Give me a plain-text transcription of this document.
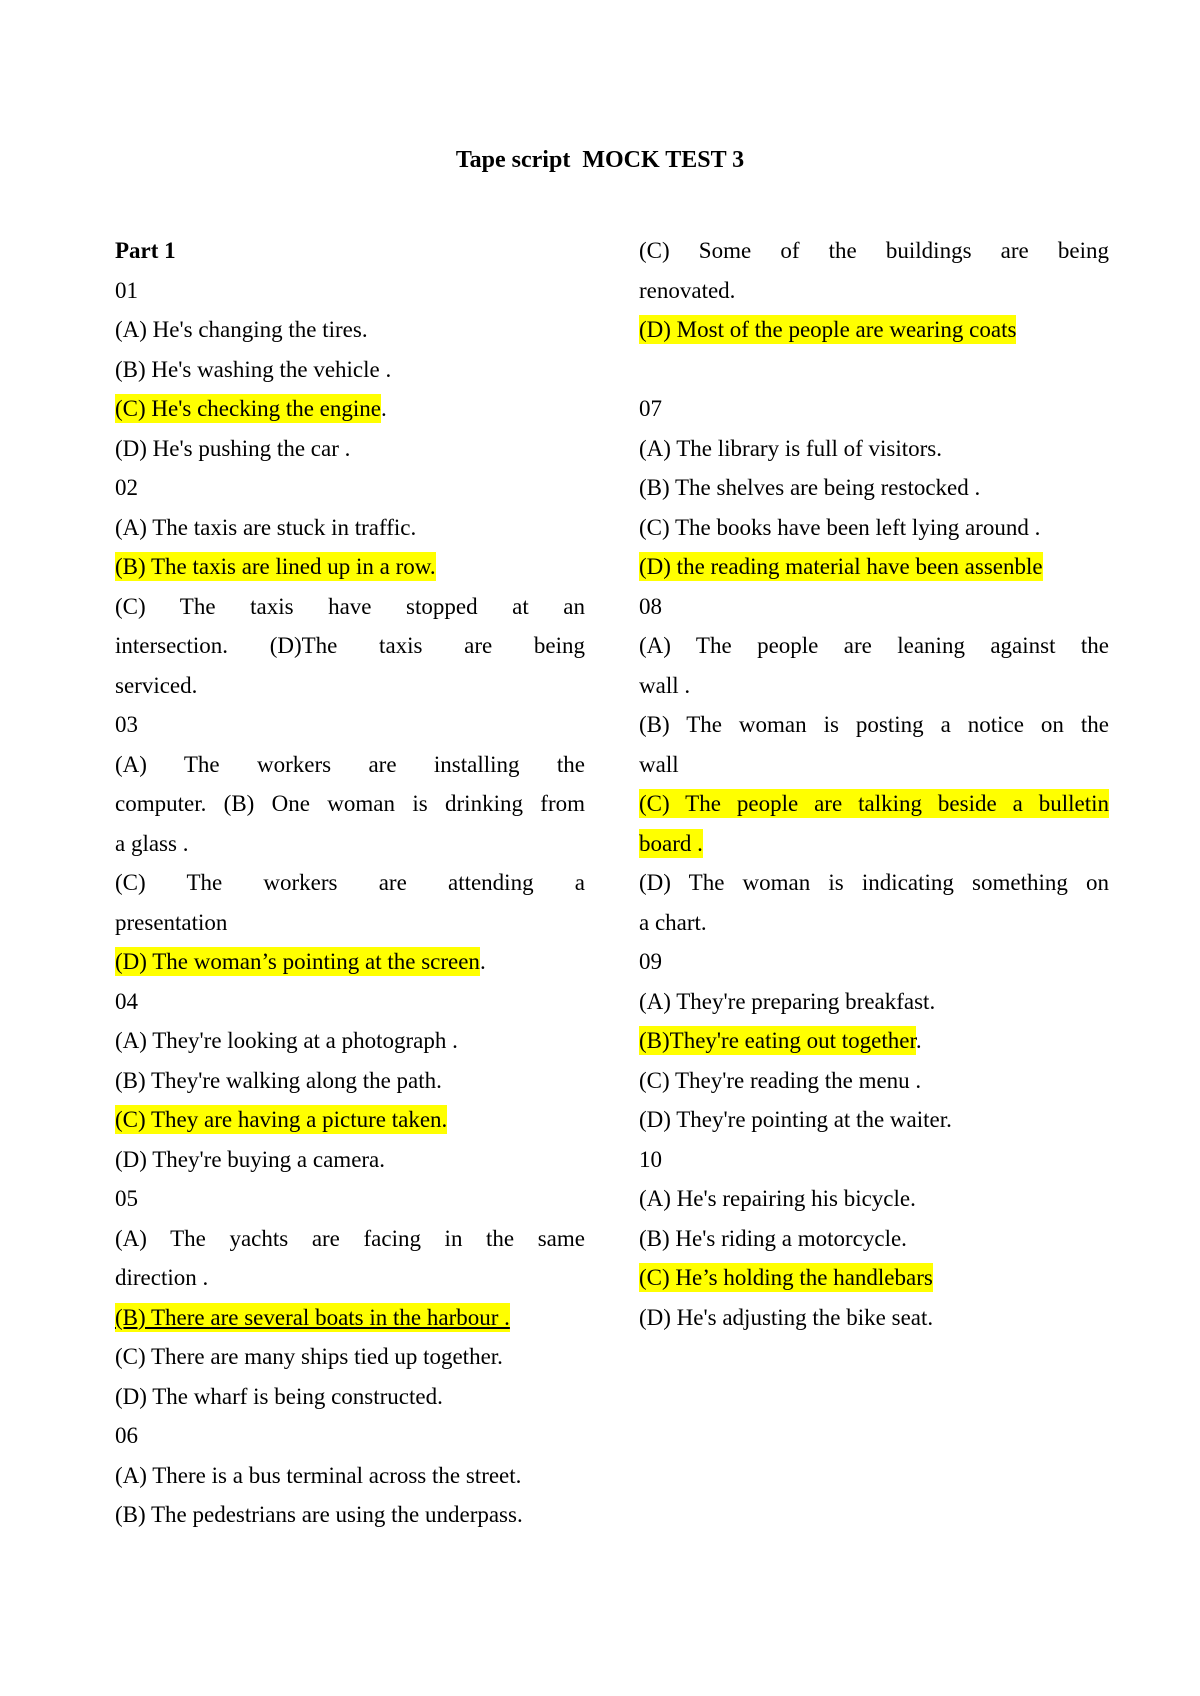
Tape script  MOCK TEST 3
Part 1
01
(A) He's changing the tires.
(B) He's washing the vehicle .
(C) He's checking the engine.
(D) He's pushing the car .
02
(A) The taxis are stuck in traffic.
(B) The taxis are lined up in a row.
(C) The taxis have stopped at an
intersection. (D)The taxis are being
serviced.
03
(A) The workers are installing the
computer. (B) One woman is drinking from
a glass .
(C) The workers are attending a
presentation
(D) The woman’s pointing at the screen.
04
(A) They're looking at a photograph .
(B) They're walking along the path.
(C) They are having a picture taken.
(D) They're buying a camera.
05
(A) The yachts are facing in the same
direction .
(B) There are several boats in the harbour .
(C) There are many ships tied up together.
(D) The wharf is being constructed.
06
(A) There is a bus terminal across the street.
(B) The pedestrians are using the underpass.
(C) Some of the buildings are being
renovated.
(D) Most of the people are wearing coats
07
(A) The library is full of visitors.
(B) The shelves are being restocked .
(C) The books have been left lying around .
(D) the reading material have been assenble
08
(A) The people are leaning against the
wall .
(B) The woman is posting a notice on the
wall
(C) The people are talking beside a bulletin
board .
(D) The woman is indicating something on
a chart.
09
(A) They're preparing breakfast.
(B)They're eating out together.
(C) They're reading the menu .
(D) They're pointing at the waiter.
10
(A) He's repairing his bicycle.
(B) He's riding a motorcycle.
(C) He’s holding the handlebars
(D) He's adjusting the bike seat.
